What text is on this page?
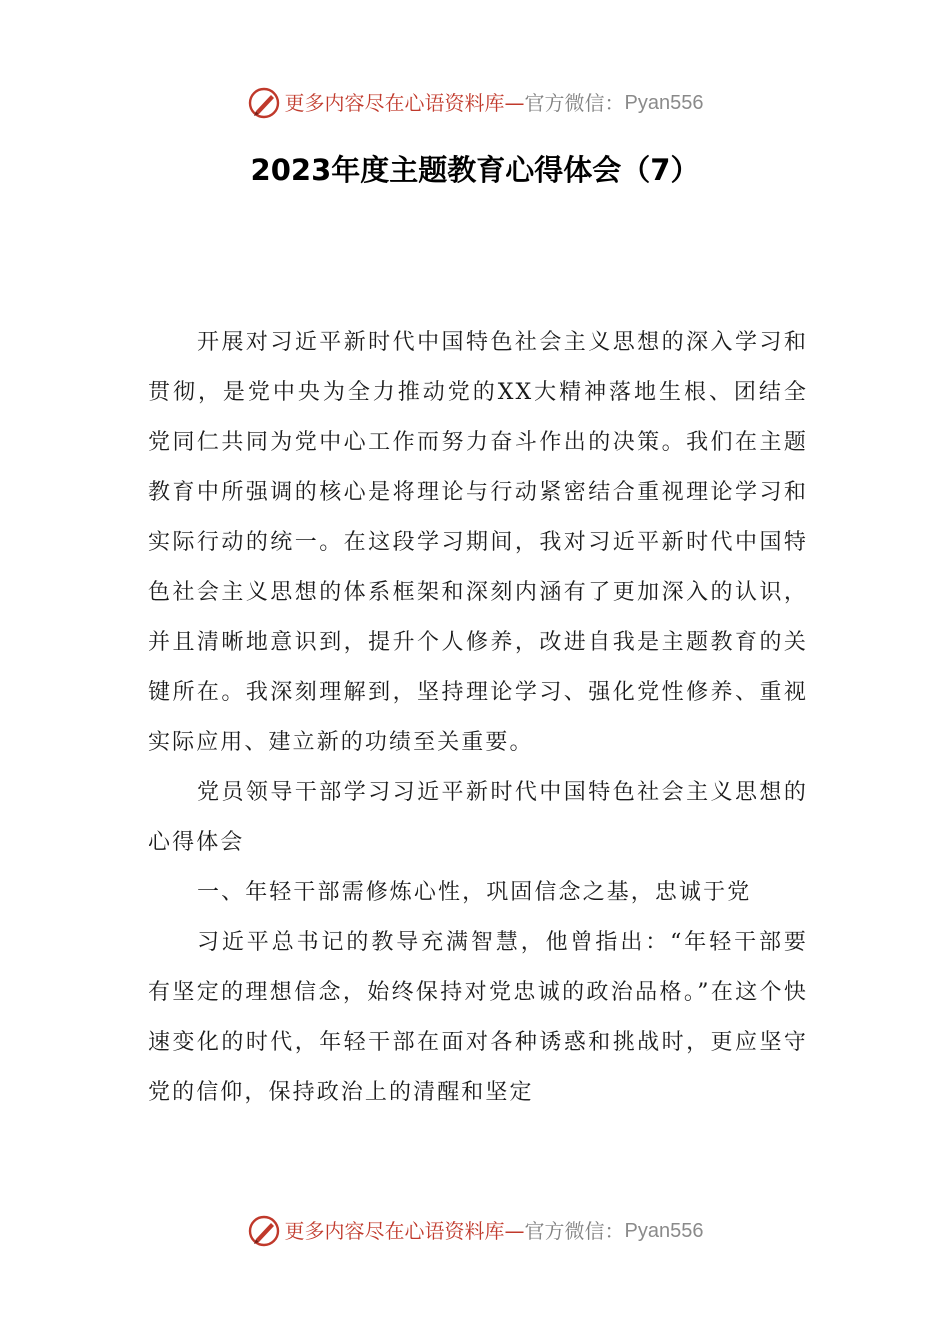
更多内容尽在心语资料库 — 官方微信： Pyan556
2023年度主题教育心得体会（7）

开展对习近平新时代中国特色社会主义思想的深入学习和贯彻，是党中央为全力推动党的XX大精神落地生根、团结全党同仁共同为党中心工作而努力奋斗作出的决策。我们在主题教育中所强调的核心是将理论与行动紧密结合重视理论学习和实际行动的统一。在这段学习期间，我对习近平新时代中国特色社会主义思想的体系框架和深刻内涵有了更加深入的认识，并且清晰地意识到，提升个人修养，改进自我是主题教育的关键所在。我深刻理解到，坚持理论学习、强化党性修养、重视实际应用、建立新的功绩至关重要。

党员领导干部学习习近平新时代中国特色社会主义思想的心得体会

一、年轻干部需修炼心性，巩固信念之基，忠诚于党

习近平总书记的教导充满智慧，他曾指出：“年轻干部要有坚定的理想信念，始终保持对党忠诚的政治品格。”在这个快速变化的时代，年轻干部在面对各种诱惑和挑战时，更应坚守党的信仰，保持政治上的清醒和坚定

更多内容尽在心语资料库 — 官方微信： Pyan556
